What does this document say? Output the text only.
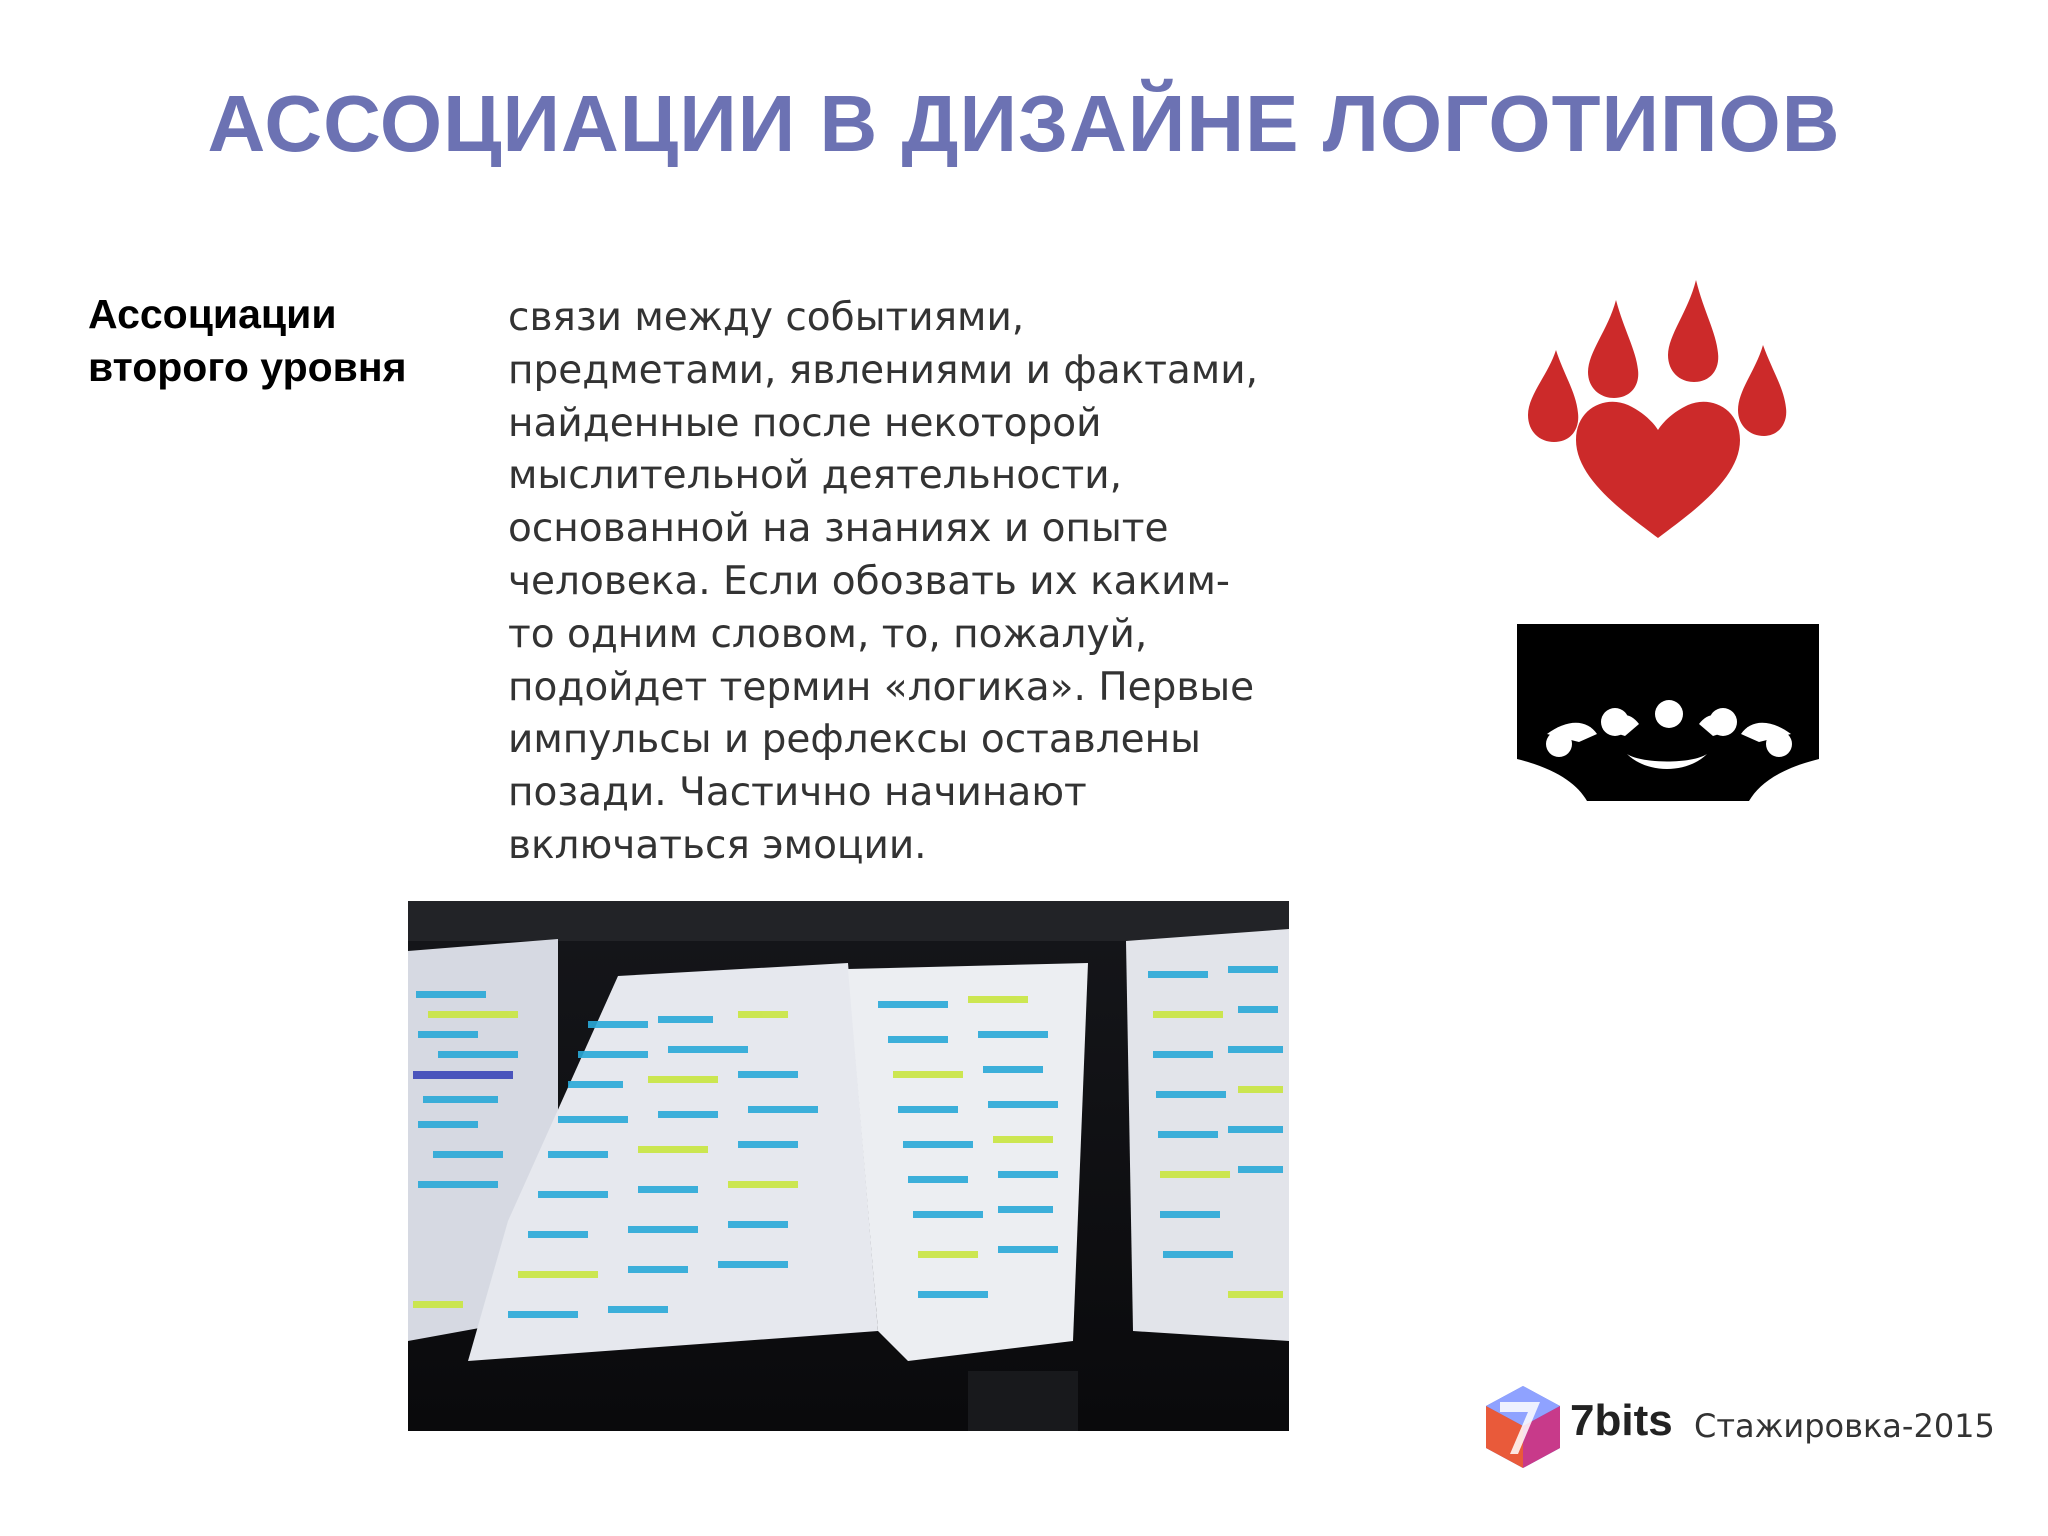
АССОЦИАЦИИ В ДИЗАЙНЕ ЛОГОТИПОВ
Ассоциации
второго уровня
связи между событиями,
предметами, явлениями и фактами,
найденные после некоторой
мыслительной деятельности,
основанной на знаниях и опыте
человека. Если обозвать их каким-
то одним словом, то, пожалуй,
подойдет термин «логика». Первые
импульсы и рефлексы оставлены
позади. Частично начинают
включаться эмоции.
7bits Стажировка-2015
